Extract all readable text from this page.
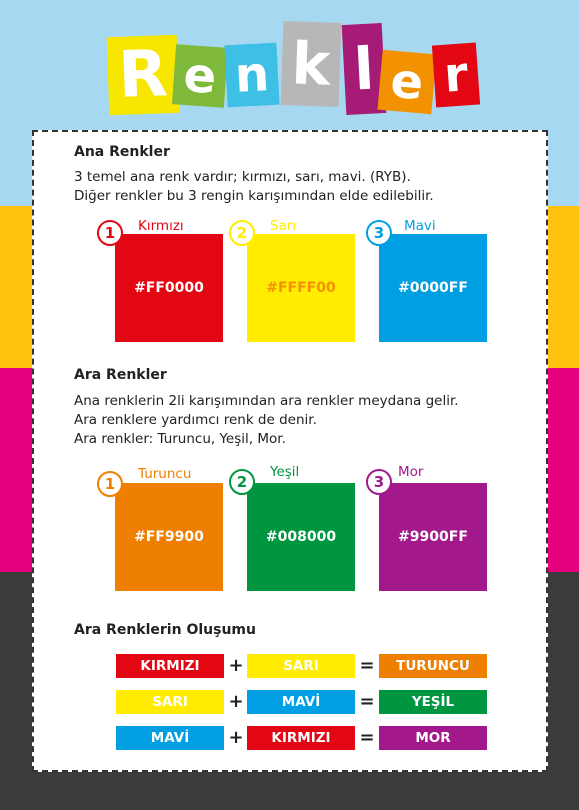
R e n k l e r
Ana Renkler
3 temel ana renk vardır; kırmızı, sarı, mavi. (RYB).
Diğer renkler bu 3 rengin karışımından elde edilebilir.
#FF0000
1	Kırmızı
#FFFF00
2	Sarı
#0000FF
3	Mavi
Ara Renkler
Ana renklerin 2li karışımından ara renkler meydana gelir.
Ara renklere yardımcı renk de denir.
Ara renkler: Turuncu, Yeşil, Mor.
#FF9900
1
Turuncu
#008000
2
Yeşil
#9900FF
3
Mor
Ara Renklerin Oluşumu
KIRMIZI	+	SARI	=	TURUNCU
SARI	+	MAVİ	=	YEŞİL
MAVİ	+	KIRMIZI	=	MOR
